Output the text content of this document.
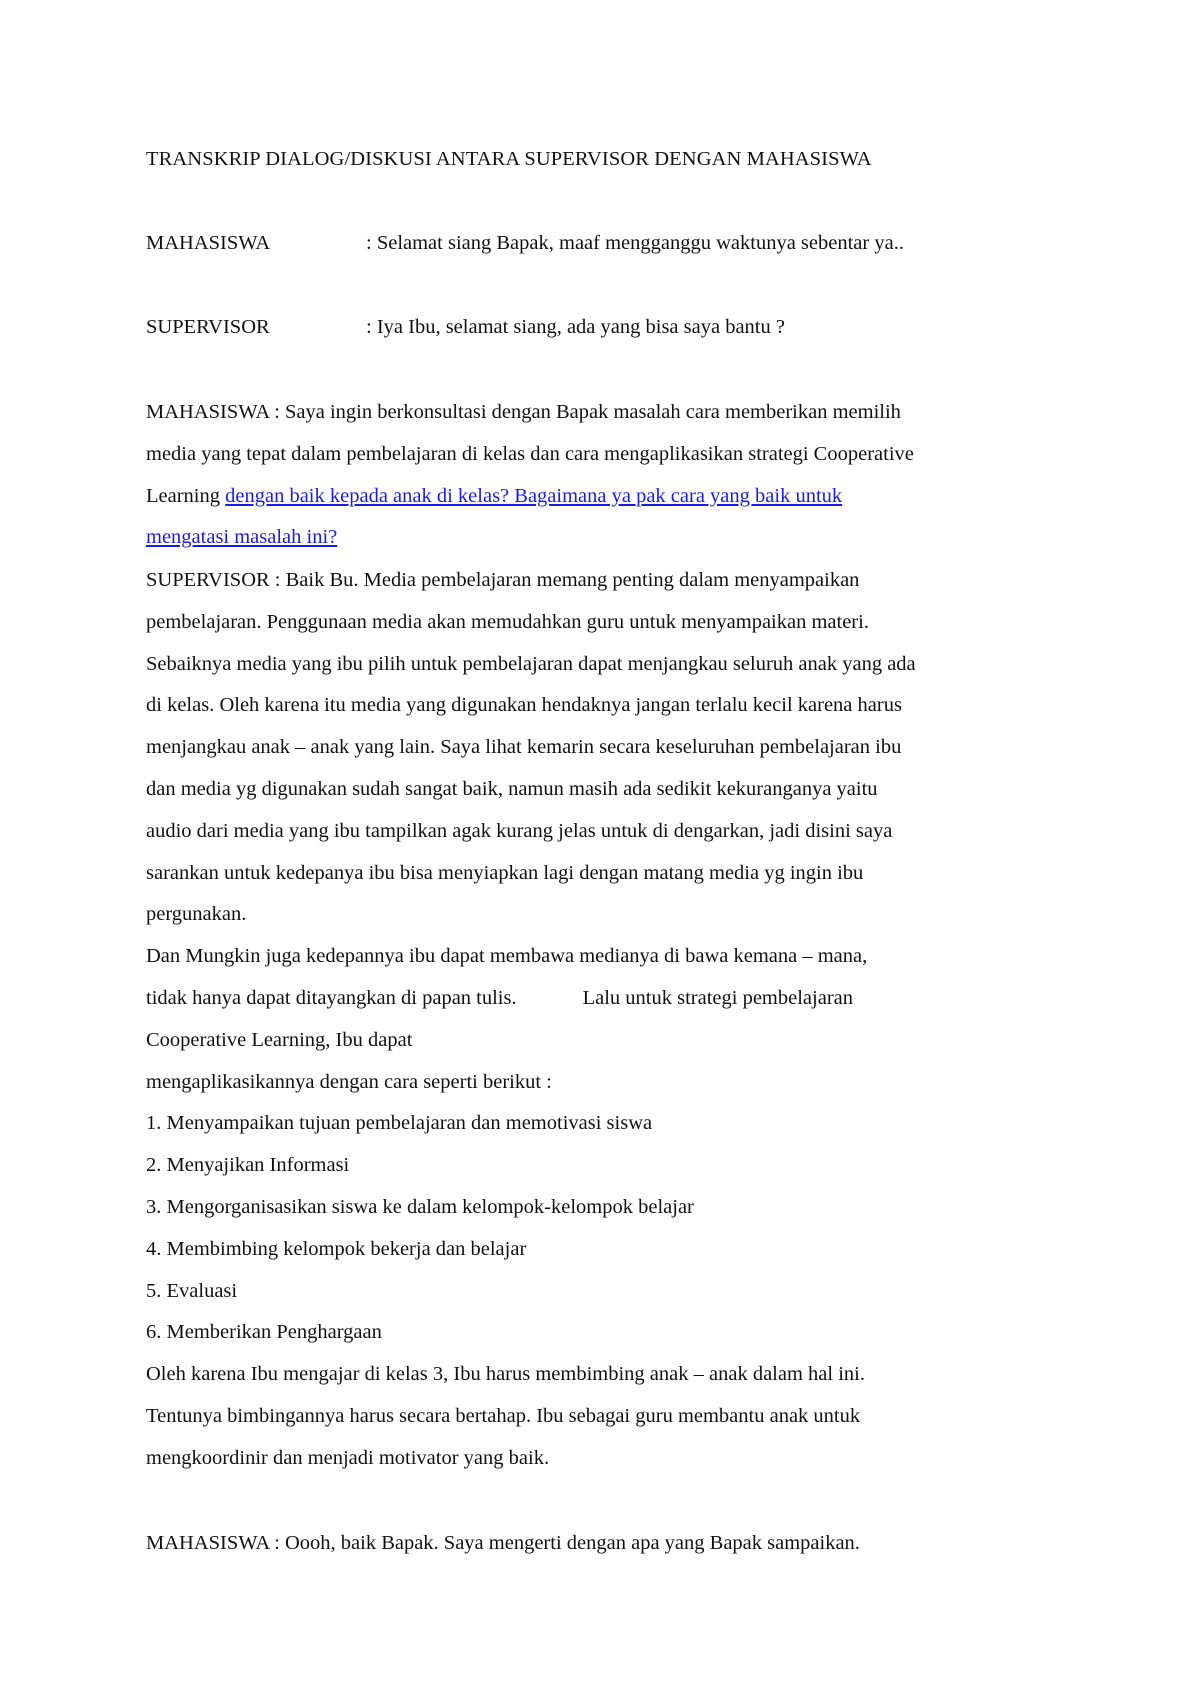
TRANSKRIP DIALOG/DISKUSI ANTARA SUPERVISOR DENGAN MAHASISWA
MAHASISWA	: Selamat siang Bapak, maaf mengganggu waktunya sebentar ya..
SUPERVISOR	: Iya Ibu, selamat siang, ada yang bisa saya bantu ?
MAHASISWA : Saya ingin berkonsultasi dengan Bapak masalah cara memberikan memilih
media yang tepat dalam pembelajaran di kelas dan cara mengaplikasikan strategi Cooperative
Learning dengan baik kepada anak di kelas? Bagaimana ya pak cara yang baik untuk
mengatasi masalah ini?
SUPERVISOR : Baik Bu. Media pembelajaran memang penting dalam menyampaikan
pembelajaran. Penggunaan media akan memudahkan guru untuk menyampaikan materi.
Sebaiknya media yang ibu pilih untuk pembelajaran dapat menjangkau seluruh anak yang ada
di kelas. Oleh karena itu media yang digunakan hendaknya jangan terlalu kecil karena harus
menjangkau anak – anak yang lain. Saya lihat kemarin secara keseluruhan pembelajaran ibu
dan media yg digunakan sudah sangat baik, namun masih ada sedikit kekuranganya yaitu
audio dari media yang ibu tampilkan agak kurang jelas untuk di dengarkan, jadi disini saya
sarankan untuk kedepanya ibu bisa menyiapkan lagi dengan matang media yg ingin ibu
pergunakan.
Dan Mungkin juga kedepannya ibu dapat membawa medianya di bawa kemana – mana,
tidak hanya dapat ditayangkan di papan tulis.	Lalu untuk strategi pembelajaran
Cooperative Learning, Ibu dapat
mengaplikasikannya dengan cara seperti berikut :
1. Menyampaikan tujuan pembelajaran dan memotivasi siswa
2. Menyajikan Informasi
3. Mengorganisasikan siswa ke dalam kelompok-kelompok belajar
4. Membimbing kelompok bekerja dan belajar
5. Evaluasi
6. Memberikan Penghargaan
Oleh karena Ibu mengajar di kelas 3, Ibu harus membimbing anak – anak dalam hal ini.
Tentunya bimbingannya harus secara bertahap. Ibu sebagai guru membantu anak untuk
mengkoordinir dan menjadi motivator yang baik.
MAHASISWA : Oooh, baik Bapak. Saya mengerti dengan apa yang Bapak sampaikan.
